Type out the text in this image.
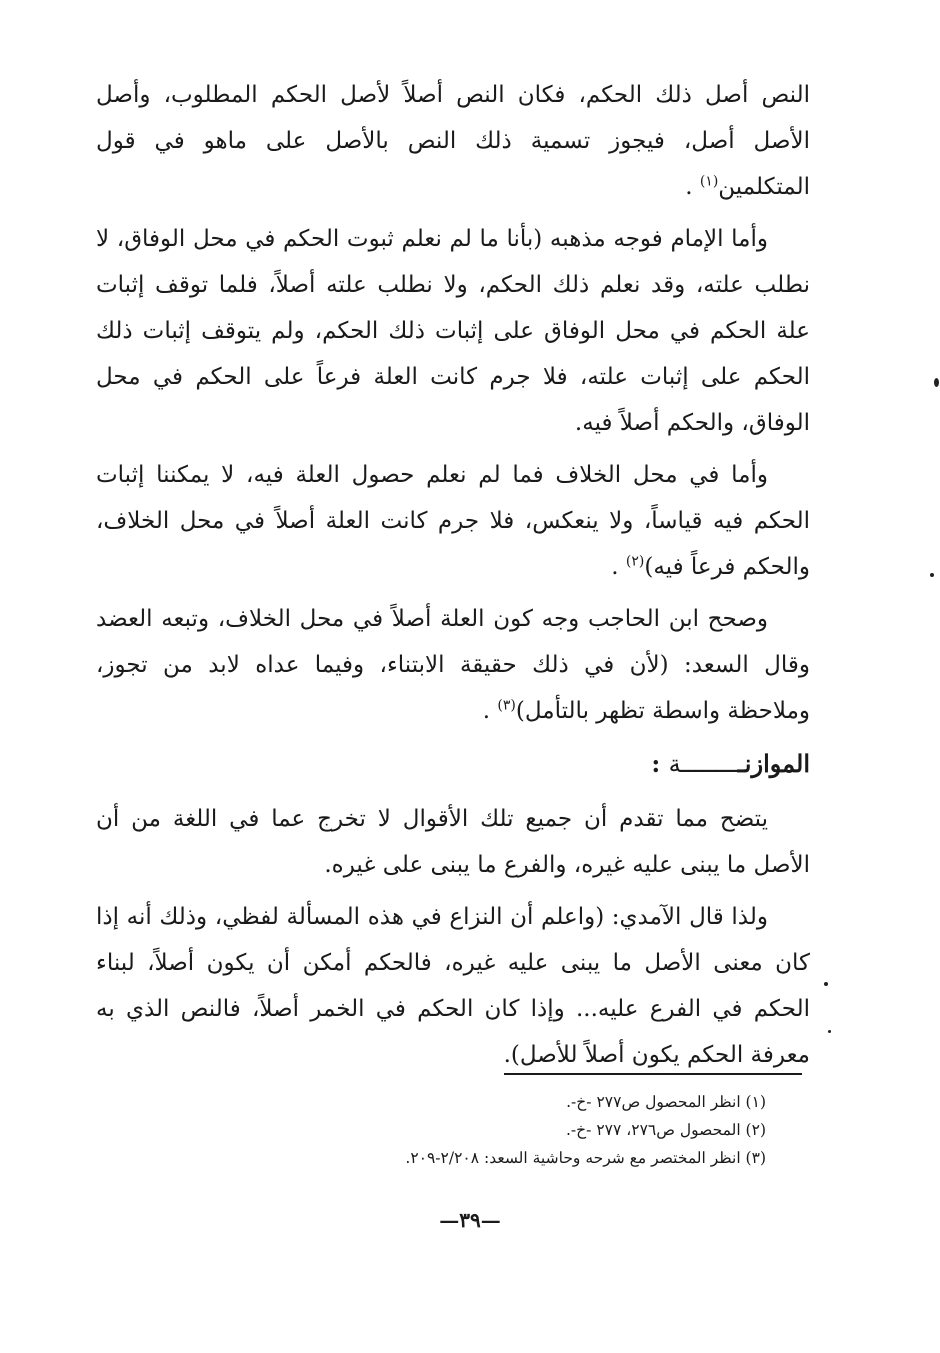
النص أصل ذلك الحكم، فكان النص أصلاً لأصل الحكم المطلوب، وأصل الأصل أصل، فيجوز تسمية ذلك النص بالأصل على ماهو في قول المتكلمين$^{(١)}$ .

وأما الإمام فوجه مذهبه (بأنا ما لم نعلم ثبوت الحكم في محل الوفاق، لا نطلب علته، وقد نعلم ذلك الحكم، ولا نطلب علته أصلاً، فلما توقف إثبات علة الحكم في محل الوفاق على إثبات ذلك الحكم، ولم يتوقف إثبات ذلك الحكم على إثبات علته، فلا جرم كانت العلة فرعاً على الحكم في محل الوفاق، والحكم أصلاً فيه.

وأما في محل الخلاف فما لم نعلم حصول العلة فيه، لا يمكننا إثبات الحكم فيه قياساً، ولا ينعكس، فلا جرم كانت العلة أصلاً في محل الخلاف، والحكم فرعاً فيه)$^{(٢)}$ .

وصحح ابن الحاجب وجه كون العلة أصلاً في محل الخلاف، وتبعه العضد وقال السعد: (لأن في ذلك حقيقة الابتناء، وفيما عداه لابد من تجوز، وملاحظة واسطة تظهر بالتأمل)$^{(٣)}$ .

الموازنـــــــــة :

يتضح مما تقدم أن جميع تلك الأقوال لا تخرج عما في اللغة من أن الأصل ما يبنى عليه غيره، والفرع ما يبنى على غيره.

ولذا قال الآمدي: (واعلم أن النزاع في هذه المسألة لفظي، وذلك أنه إذا كان معنى الأصل ما يبنى عليه غيره، فالحكم أمكن أن يكون أصلاً، لبناء الحكم في الفرع عليه... وإذا كان الحكم في الخمر أصلاً، فالنص الذي به معرفة الحكم يكون أصلاً للأصل).

(١) انظر المحصول ص٢٧٧ -خ-.
(٢) المحصول ص٢٧٦، ٢٧٧ -خ-.
(٣) انظر المختصر مع شرحه وحاشية السعد: ٢/٢٠٨-٢٠٩.
—٣٩—
